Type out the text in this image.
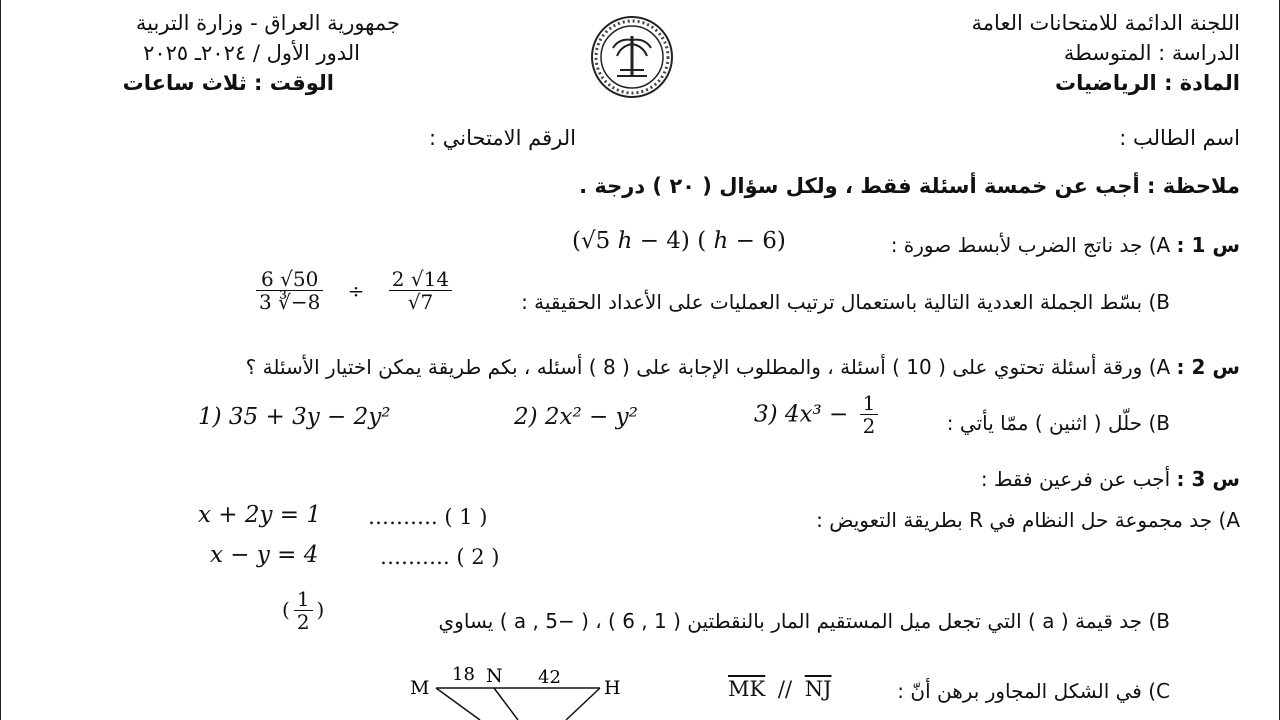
اللجنة الدائمة للامتحانات العامة
الدراسة : المتوسطة
المادة : الرياضيات
جمهورية العراق - وزارة التربية
الدور الأول / ٢٠٢٤ـ ٢٠٢٥
الوقت : ثلاث ساعات
اسم الطالب :
الرقم الامتحاني :
ملاحظة : أجب عن خمسة أسئلة فقط ، ولكل سؤال ( ٢٠ ) درجة .
س 1 : A) جد ناتج الضرب لأبسط صورة :
(√5 h − 4) ( h − 6)
B) بسّط الجملة العددية التالية باستعمال ترتيب العمليات على الأعداد الحقيقية :
$\frac{6 √50}{3 ∛-8} \div \frac{2 √14}{√7}$
س 2 : A) ورقة أسئلة تحتوي على ( 10 ) أسئلة ، والمطلوب الإجابة على ( 8 ) أسئله ، بكم طريقة يمكن اختيار الأسئلة ؟
B) حلّل ( اثنين ) ممّا يأتي :
1) 35 + 3y − 2y²	2) 2x² − y²	3) $4x^3 - \frac{1}{2}$
س 3 : أجب عن فرعين فقط :
A) جد مجموعة حل النظام في R بطريقة التعويض :
x + 2y = 1 ………. ( 1 )
x − y = 4	………. ( 2 )
B) جد قيمة ( a ) التي تجعل ميل المستقيم المار بالنقطتين ( 1 , 6 ) ، ( −5 , a ) يساوي
( $\frac{1}{2}$ )
C) في الشكل المجاور برهن أنّ :
$\overline{MK} // \overline{NJ}$
M
N
H
18	42
